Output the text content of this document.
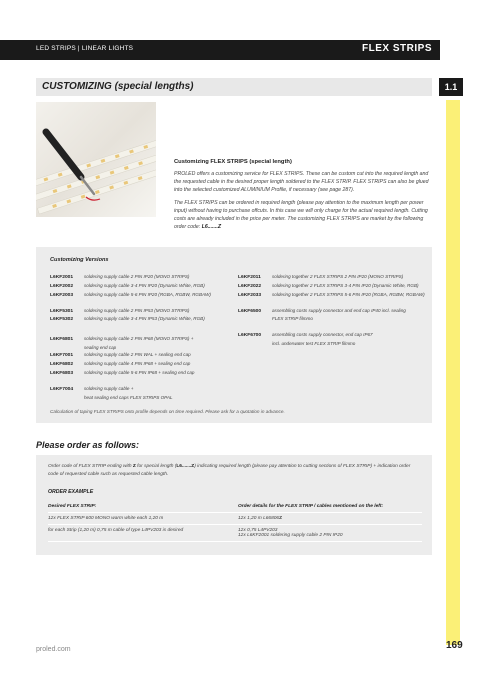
LED STRIPS | LINEAR LIGHTS	FLEX STRIPS
CUSTOMIZING (special lengths)	1.1
Customizing FLEX STRIPS (special length)

PROLED offers a customizing service for FLEX STRIPS. These can be custom cut into the required length and the requested cable in the desired proper length soldered to the FLEX STRIP. FLEX STRIPS can also be glued into the selected customized ALUMINIUM Profile, if necessary (see page 287).

The FLEX STRIPS can be ordered in required length (please pay attention to the maximum length per power input) without having to purchase offcuts. In this case we will only charge for the actual required length. Cutting costs are already included in the price per meter. The customizing FLEX STRIPS are market by the following order code: L6.......Z

Customizing Versions
L6KF2001 soldering supply cable 2 PIN IP20 (MONO STRIPS)
L6KF2002 soldering supply cable 3-4 PIN IP20 (Dynamic White, RGB)
L6KF2003 soldering supply cable 5-6 PIN IP20 (RGBA, RGBW, RGBAW)
L6KF5301 soldering supply cable 2 PIN IP53 (MONO STRIPS)
L6KF5302 soldering supply cable 3-4 PIN IP53 (Dynamic White, RGB)
L6KF6801 soldering supply cable 2 PIN IP68 (MONO STRIPS) +
sealing end cap
L6KF7001 soldering supply cable 2 PIN WAL + sealing end cap
L6KF6802 soldering supply cable 4 PIN IP68 + sealing end cap
L6KF6803 soldering supply cable 5-6 PIN IP68 + sealing end cap
L6KF7004 soldering supply cable +
heat sealing end caps FLEX STRIPS OPAL
L6KF2011 soldering together 2 FLEX STRIPS 2 PIN IP20 (MONO STRIPS)
L6KF2022 soldering together 2 FLEX STRIPS 3-4 PIN IP20 (Dynamic White, RGB)
L6KF2033 soldering together 2 FLEX STRIPS 5-6 PIN IP20 (RGBA, RGBW, RGBAW)
L6KF6500 assembling costs supply connector and end cap IP40 incl. sealing
FLEX STRIP filmmo
L6KF6700 assembling costs supply connector, end cap IP67
incl. underwater test FLEX STRIP filmmo
Calculation of taping FLEX STRIPS onto profile depends on time required. Please ask for a quotation in advance.
Please order as follows:
Order code of FLEX STRIP ending with Z for special length (L6.......Z) indicating required length (please pay attention to cutting sections of FLEX STRIP) + indication order code of requested cable such as requested cable length.
ORDER EXAMPLE
Desired FLEX STRIP:	Order details for the FLEX STRIP / cables mentioned on the left:
12x FLEX STRIP 600 MONO warm white each 1,20 m	12x 1,20 m L66806Z
for each Strip (1,20 m) 0,75 m cable of type L4PV203 is desired	12x 0,75 L4PV203
12x L6KF2001 soldering supply cable 2 PIN IP20
proled.com	169
